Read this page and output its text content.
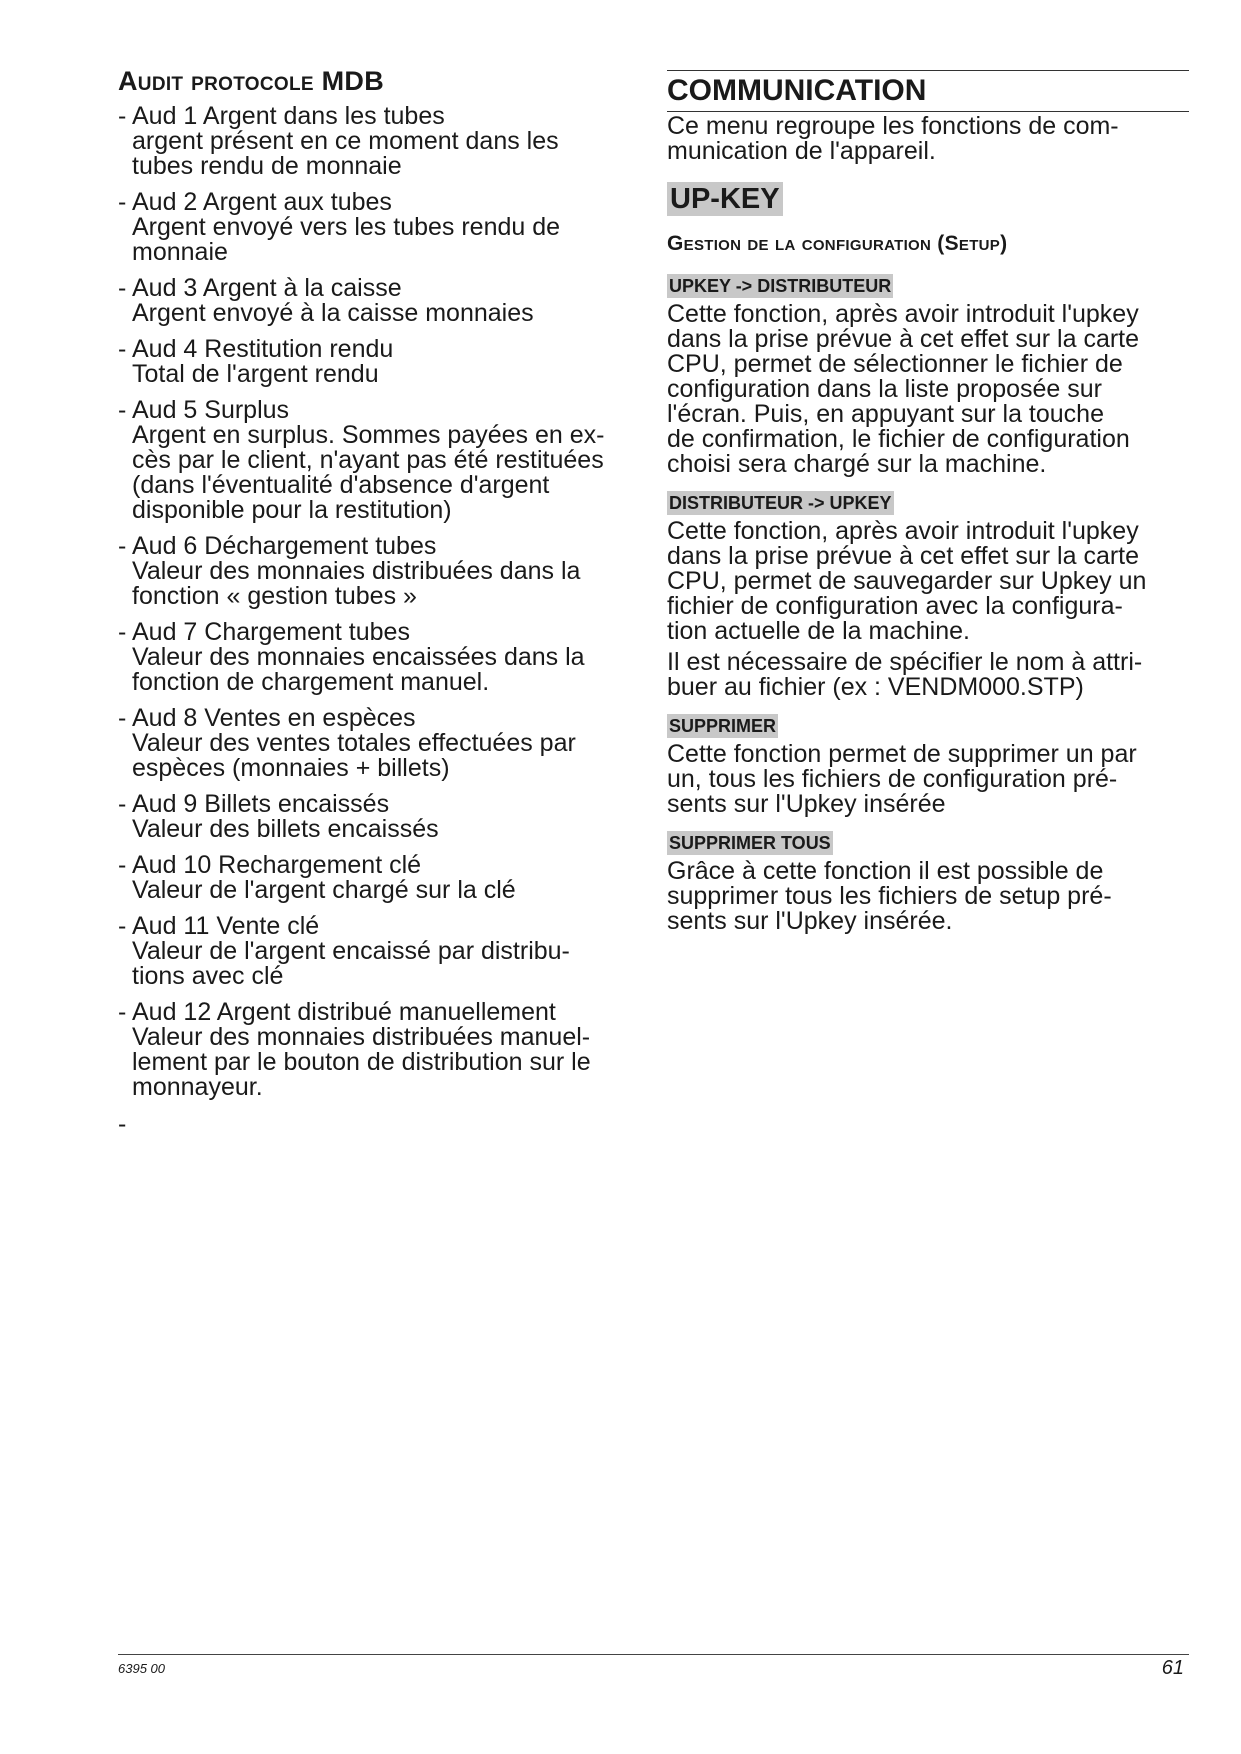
Audit protocole MDB
- Aud 1 Argent dans les tubes
argent présent en ce moment dans les
tubes rendu de monnaie
- Aud 2 Argent aux tubes
Argent envoyé vers les tubes rendu de
monnaie
- Aud 3 Argent à la caisse
Argent envoyé à la caisse monnaies
- Aud 4 Restitution rendu
Total de l'argent rendu
- Aud 5 Surplus
Argent en surplus. Sommes payées en ex-
cès par le client, n'ayant pas été restituées
(dans l'éventualité d'absence d'argent
disponible pour la restitution)
- Aud 6 Déchargement tubes
Valeur des monnaies distribuées dans la
fonction « gestion tubes »
- Aud 7 Chargement tubes
Valeur des monnaies encaissées dans la
fonction de chargement manuel.
- Aud 8 Ventes en espèces
Valeur des ventes totales effectuées par
espèces (monnaies + billets)
- Aud 9 Billets encaissés
Valeur des billets encaissés
- Aud 10 Rechargement clé
Valeur de l'argent chargé sur la clé
- Aud 11 Vente clé
Valeur de l'argent encaissé par distribu-
tions avec clé
- Aud 12 Argent distribué manuellement
Valeur des monnaies distribuées manuel-
lement par le bouton de distribution sur le
monnayeur.
-
COMMUNICATION
Ce menu regroupe les fonctions de com-
munication de l'appareil.
UP-KEY
Gestion de la configuration (Setup)
UPKEY -> DISTRIBUTEUR
Cette fonction, après avoir introduit l'upkey
dans la prise prévue à cet effet sur la carte
CPU, permet de sélectionner le fichier de
configuration dans la liste proposée sur
l'écran. Puis, en appuyant sur la touche
de confirmation, le fichier de configuration
choisi sera chargé sur la machine.
DISTRIBUTEUR -> UPKEY
Cette fonction, après avoir introduit l'upkey
dans la prise prévue à cet effet sur la carte
CPU, permet de sauvegarder sur Upkey un
fichier de configuration avec la configura-
tion actuelle de la machine.
Il est nécessaire de spécifier le nom à attri-
buer au fichier (ex : VENDM000.STP)
SUPPRIMER
Cette fonction permet de supprimer un par
un, tous les fichiers de configuration pré-
sents sur l'Upkey insérée
SUPPRIMER TOUS
Grâce à cette fonction il est possible de
supprimer tous les fichiers de setup pré-
sents sur l'Upkey insérée.
6395 00	61
